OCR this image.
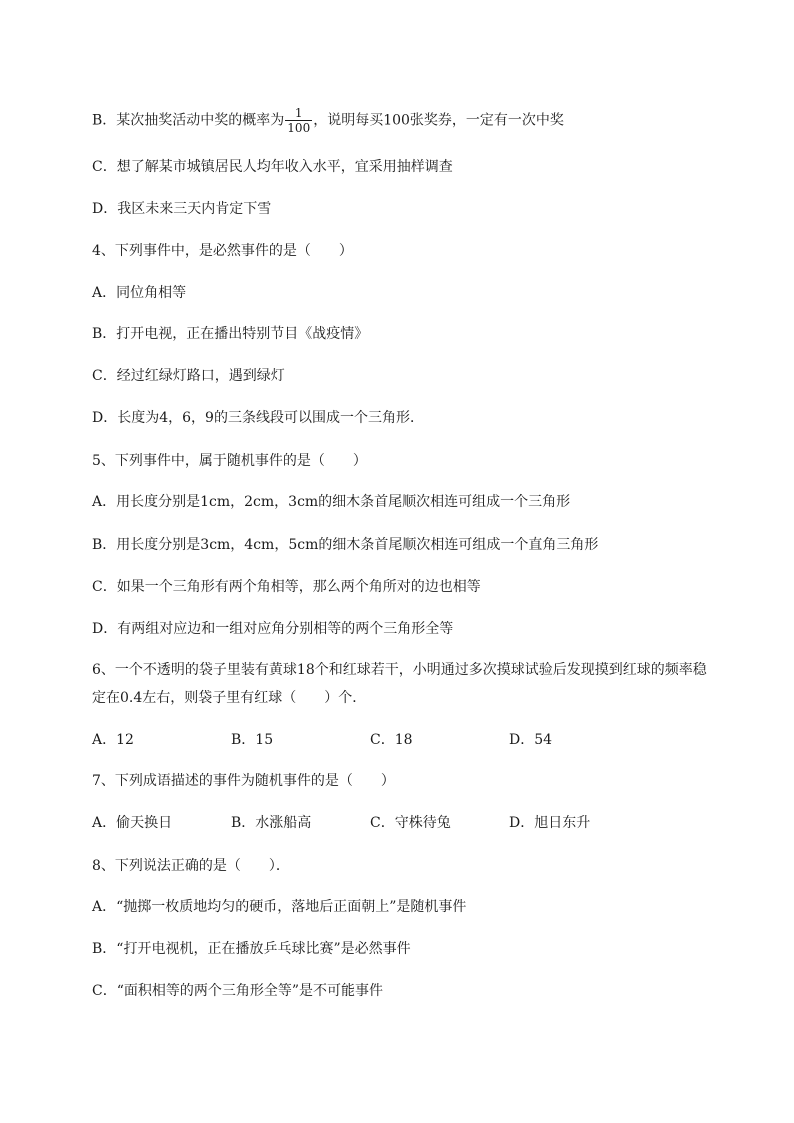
B．某次抽奖活动中奖的概率为 $\frac{1}{100}$ ，说明每买100张奖券，一定有一次中奖
C．想了解某市城镇居民人均年收入水平，宜采用抽样调查
D．我区未来三天内肯定下雪
4、下列事件中，是必然事件的是（　　）
A．同位角相等
B．打开电视，正在播出特别节目《战疫情》
C．经过红绿灯路口，遇到绿灯
D．长度为4，6，9的三条线段可以围成一个三角形．
5、下列事件中，属于随机事件的是（　　）
A．用长度分别是1cm，2cm，3cm的细木条首尾顺次相连可组成一个三角形
B．用长度分别是3cm，4cm，5cm的细木条首尾顺次相连可组成一个直角三角形
C．如果一个三角形有两个角相等，那么两个角所对的边也相等
D．有两组对应边和一组对应角分别相等的两个三角形全等
6、一个不透明的袋子里装有黄球18个和红球若干，小明通过多次摸球试验后发现摸到红球的频率稳
定在0.4左右，则袋子里有红球（　　）个．
A．12	B．15	C．18	D．54
7、下列成语描述的事件为随机事件的是（　　）
A．偷天换日	B．水涨船高	C．守株待兔	D．旭日东升
8、下列说法正确的是（　　）．
A．“抛掷一枚质地均匀的硬币，落地后正面朝上”是随机事件
B．“打开电视机，正在播放乒乓球比赛”是必然事件
C．“面积相等的两个三角形全等”是不可能事件
